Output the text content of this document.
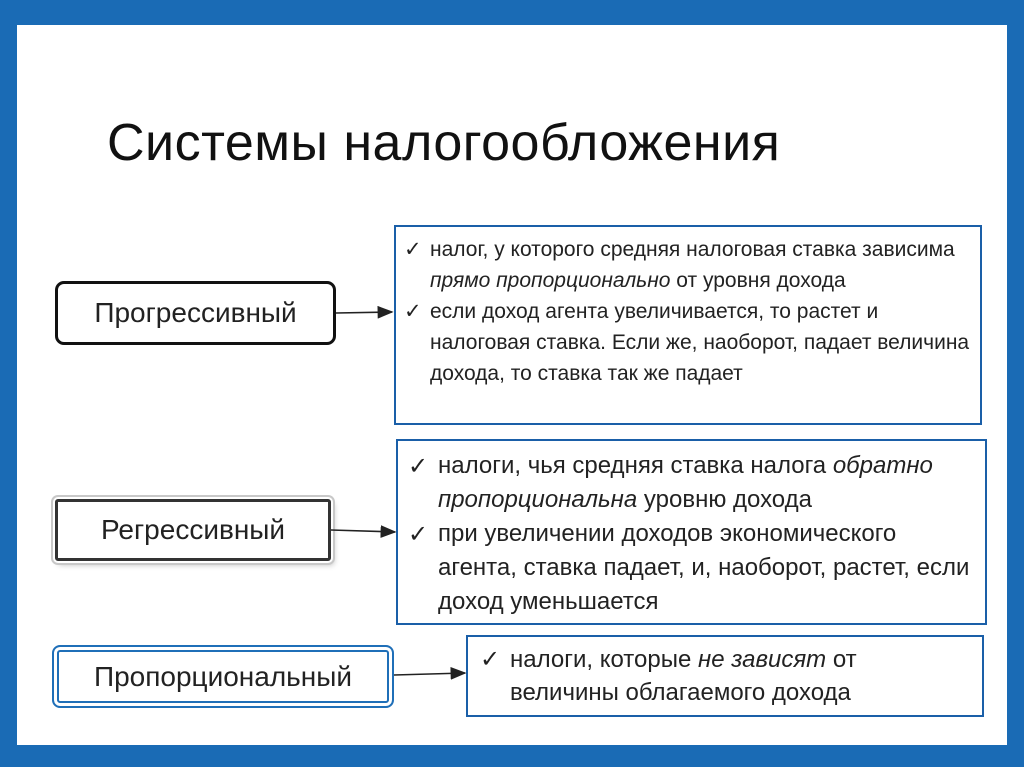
Системы налогообложения
Прогрессивный
✓ налог, у которого средняя налоговая ставка зависима прямо пропорционально от уровня дохода
✓ если доход агента увеличивается, то растет и налоговая ставка. Если же, наоборот, падает величина дохода, то ставка так же падает
Регрессивный
✓ налоги, чья средняя ставка налога обратно пропорциональна уровню дохода
✓ при увеличении доходов экономического агента, ставка падает, и, наоборот, растет, если доход уменьшается
Пропорциональный
✓ налоги, которые не зависят от величины облагаемого дохода
